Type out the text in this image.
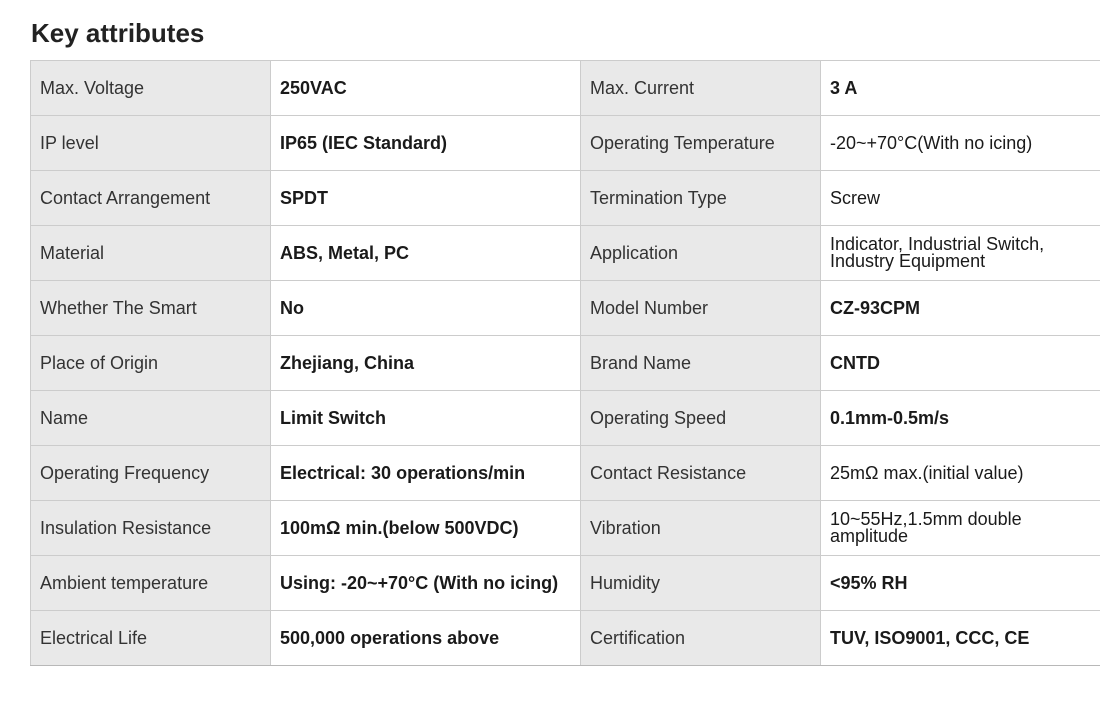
Key attributes
Max. Voltage	250VAC	Max. Current	3 A
IP level	IP65 (IEC Standard)	Operating Temperature	-20~+70°C(With no icing)
Contact Arrangement	SPDT	Termination Type	Screw
Material	ABS, Metal, PC	Application	Indicator, Industrial Switch, Industry Equipment
Whether The Smart	No	Model Number	CZ-93CPM
Place of Origin	Zhejiang, China	Brand Name	CNTD
Name	Limit Switch	Operating Speed	0.1mm-0.5m/s
Operating Frequency	Electrical: 30 operations/min	Contact Resistance	25mΩ max.(initial value)
Insulation Resistance	100mΩ min.(below 500VDC)	Vibration	10~55Hz,1.5mm double amplitude
Ambient temperature	Using: -20~+70°C (With no icing)	Humidity	<95% RH
Electrical Life	500,000 operations above	Certification	TUV, ISO9001, CCC, CE
